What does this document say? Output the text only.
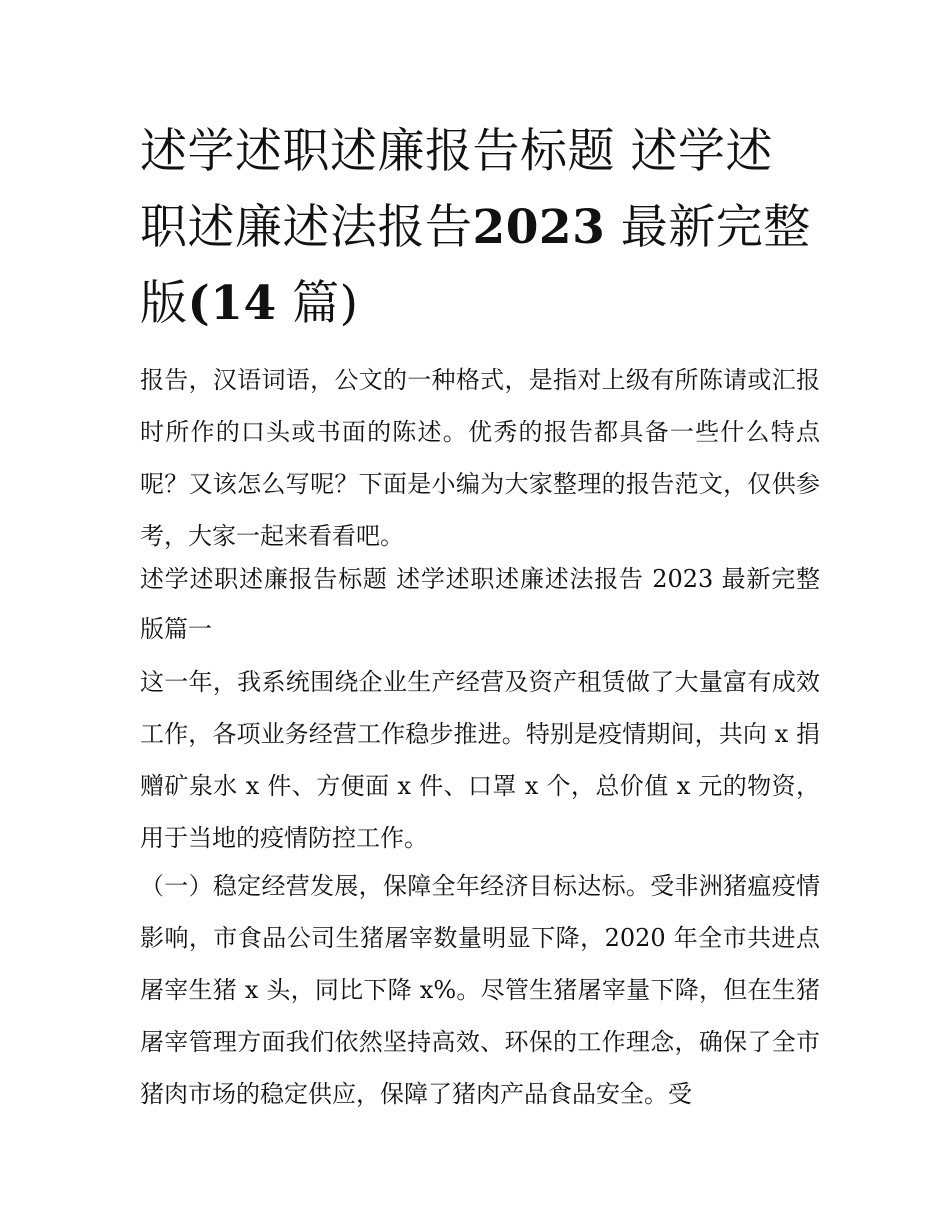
述学述职述廉报告标题 述学述职述廉述法报告2023 最新完整版(14 篇)

报告，汉语词语，公文的一种格式，是指对上级有所陈请或汇报时所作的口头或书面的陈述。优秀的报告都具备一些什么特点呢？又该怎么写呢？下面是小编为大家整理的报告范文，仅供参考，大家一起来看看吧。

述学述职述廉报告标题 述学述职述廉述法报告 2023 最新完整版篇一

这一年，我系统围绕企业生产经营及资产租赁做了大量富有成效工作，各项业务经营工作稳步推进。特别是疫情期间，共向 x 捐赠矿泉水 x 件、方便面 x 件、口罩 x 个，总价值 x 元的物资，用于当地的疫情防控工作。

（一）稳定经营发展，保障全年经济目标达标。受非洲猪瘟疫情影响，市食品公司生猪屠宰数量明显下降，2020 年全市共进点屠宰生猪 x 头，同比下降 x%。尽管生猪屠宰量下降，但在生猪屠宰管理方面我们依然坚持高效、环保的工作理念，确保了全市猪肉市场的稳定供应，保障了猪肉产品食品安全。受
